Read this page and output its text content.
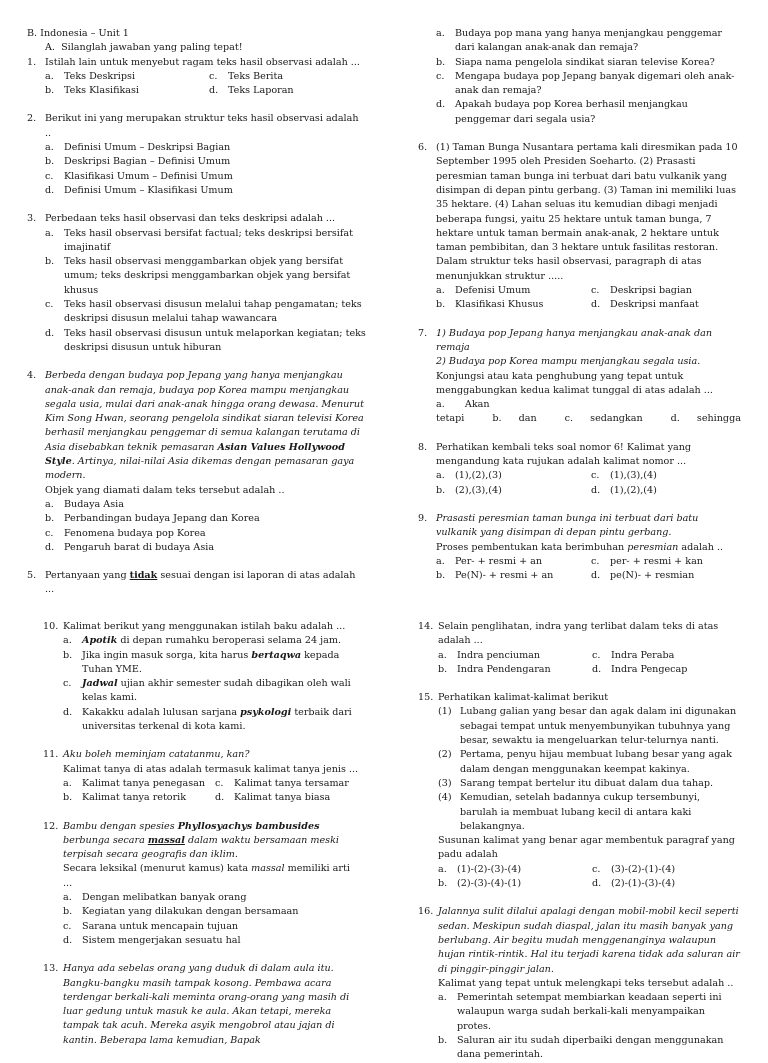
B. Indonesia – Unit 1

A. Silanglah jawaban yang paling tepat!

1. Istilah lain untuk menyebut ragam teks hasil observasi adalah ...

a. Teks Deskripsi	c. Teks Berita
b. Teks Klasifikasi	d. Teks Laporan
2. Berikut ini yang merupakan struktur teks hasil observasi adalah ..

a. Definisi Umum – Deskripsi Bagian
b. Deskripsi Bagian – Definisi Umum
c. Klasifikasi Umum – Definisi Umum
d. Definisi Umum – Klasifikasi Umum
3. Perbedaan teks hasil observasi dan teks deskripsi adalah ...

a. Teks hasil observasi bersifat factual; teks deskripsi bersifat imajinatif
b. Teks hasil observasi menggambarkan objek yang bersifat umum; teks deskripsi menggambarkan objek yang bersifat khusus
c. Teks hasil observasi disusun melalui tahap pengamatan; teks deskripsi disusun melalui tahap wawancara
d. Teks hasil observasi disusun untuk melaporkan kegiatan; teks deskripsi disusun untuk hiburan
4. Berbeda dengan budaya pop Jepang yang hanya menjangkau anak-anak dan remaja, budaya pop Korea mampu menjangkau segala usia, mulai dari anak-anak hingga orang dewasa. Menurut Kim Song Hwan, seorang pengelola sindikat siaran televisi Korea berhasil menjangkau penggemar di semua kalangan terutama di Asia disebabkan teknik pemasaran Asian Values Hollywood Style. Artinya, nilai-nilai Asia dikemas dengan pemasaran gaya modern.

Objek yang diamati dalam teks tersebut adalah ..

a. Budaya Asia
b. Perbandingan budaya Jepang dan Korea
c. Fenomena budaya pop Korea
d. Pengaruh barat di budaya Asia
5. Pertanyaan yang tidak sesuai dengan isi laporan di atas adalah ...

a. Budaya pop mana yang hanya menjangkau penggemar dari kalangan anak-anak dan remaja?
b. Siapa nama pengelola sindikat siaran televise Korea?
c. Mengapa budaya pop Jepang banyak digemari oleh anak-anak dan remaja?
d. Apakah budaya pop Korea berhasil menjangkau penggemar dari segala usia?
6. (1) Taman Bunga Nusantara pertama kali diresmikan pada 10 September 1995 oleh Presiden Soeharto. (2) Prasasti peresmian taman bunga ini terbuat dari batu vulkanik yang disimpan di depan pintu gerbang. (3) Taman ini memiliki luas 35 hektare. (4) Lahan seluas itu kemudian dibagi menjadi beberapa fungsi, yaitu 25 hektare untuk taman bunga, 7 hektare untuk taman bermain anak-anak, 2 hektare untuk taman pembibitan, dan 3 hektare untuk fasilitas restoran.

Dalam struktur teks hasil observasi, paragraph di atas menunjukkan struktur .....

a. Defenisi Umum	c. Deskripsi bagian
b. Klasifikasi Khusus	d. Deskripsi manfaat
7. 1) Budaya pop Jepang hanya menjangkau anak-anak dan remaja

2) Budaya pop Korea mampu menjangkau segala usia.

Konjungsi atau kata penghubung yang tepat untuk menggabungkan kedua kalimat tunggal di atas adalah ...

a. Akan tetapi	b. dan	c. sedangkan	d. sehingga

8. Perhatikan kembali teks soal nomor 6! Kalimat yang mengandung kata rujukan adalah kalimat nomor ...

a. (1),(2),(3)	c. (1),(3),(4)
b. (2),(3),(4)	d. (1),(2),(4)
9. Prasasti peresmian taman bunga ini terbuat dari batu vulkanik yang disimpan di depan pintu gerbang.

Proses pembentukan kata berimbuhan peresmian adalah ..

a. Per- + resmi + an	c. per- + resmi + kan
b. Pe(N)- + resmi + an	d. pe(N)- + resmian
10. Kalimat berikut yang menggunakan istilah baku adalah ...

a. Apotik di depan rumahku beroperasi selama 24 jam.
b. Jika ingin masuk sorga, kita harus bertaqwa kepada Tuhan YME.
c. Jadwal ujian akhir semester sudah dibagikan oleh wali kelas kami.
d. Kakakku adalah lulusan sarjana psykologi terbaik dari universitas terkenal di kota kami.
11. Aku boleh meminjam catatanmu, kan?

Kalimat tanya di atas adalah termasuk kalimat tanya jenis ...

a. Kalimat tanya penegasan	c. Kalimat tanya tersamar
b. Kalimat tanya retorik	d. Kalimat tanya biasa
12. Bambu dengan spesies Phyllosyachys bambusides berbunga secara massal dalam waktu bersamaan meski terpisah secara geografis dan iklim.

Secara leksikal (menurut kamus) kata massal memiliki arti ...

a. Dengan melibatkan banyak orang
b. Kegiatan yang dilakukan dengan bersamaan
c. Sarana untuk mencapain tujuan
d. Sistem mengerjakan sesuatu hal
13. Hanya ada sebelas orang yang duduk di dalam aula itu. Bangku-bangku masih tampak kosong. Pembawa acara terdengar berkali-kali meminta orang-orang yang masih di luar gedung untuk masuk ke aula. Akan tetapi, mereka tampak tak acuh. Mereka asyik mengobrol atau jajan di kantin. Beberapa lama kemudian, Bapak

14. Selain penglihatan, indra yang terlibat dalam teks di atas adalah ...

a. Indra penciuman	c. Indra Peraba
b. Indra Pendengaran	d. Indra Pengecap
15. Perhatikan kalimat-kalimat berikut

(1) Lubang galian yang besar dan agak dalam ini digunakan sebagai tempat untuk menyembunyikan tubuhnya yang besar, sewaktu ia mengeluarkan telur-telurnya nanti.
(2) Pertama, penyu hijau membuat lubang besar yang agak dalam dengan menggunakan keempat kakinya.
(3) Sarang tempat bertelur itu dibuat dalam dua tahap.
(4) Kemudian, setelah badannya cukup tersembunyi, barulah ia membuat lubang kecil di antara kaki belakangnya.

Susunan kalimat yang benar agar membentuk paragraf yang padu adalah

a. (1)-(2)-(3)-(4)	c. (3)-(2)-(1)-(4)
b. (2)-(3)-(4)-(1)	d. (2)-(1)-(3)-(4)
16. Jalannya sulit dilalui apalagi dengan mobil-mobil kecil seperti sedan. Meskipun sudah diaspal, jalan itu masih banyak yang berlubang. Air begitu mudah menggenanginya walaupun hujan rintik-rintik. Hal itu terjadi karena tidak ada saluran air di pinggir-pinggir jalan.

Kalimat yang tepat untuk melengkapi teks tersebut adalah ..

a. Pemerintah setempat membiarkan keadaan seperti ini walaupun warga sudah berkali-kali menyampaikan protes.
b. Saluran air itu sudah diperbaiki dengan menggunakan dana pemerintah.
